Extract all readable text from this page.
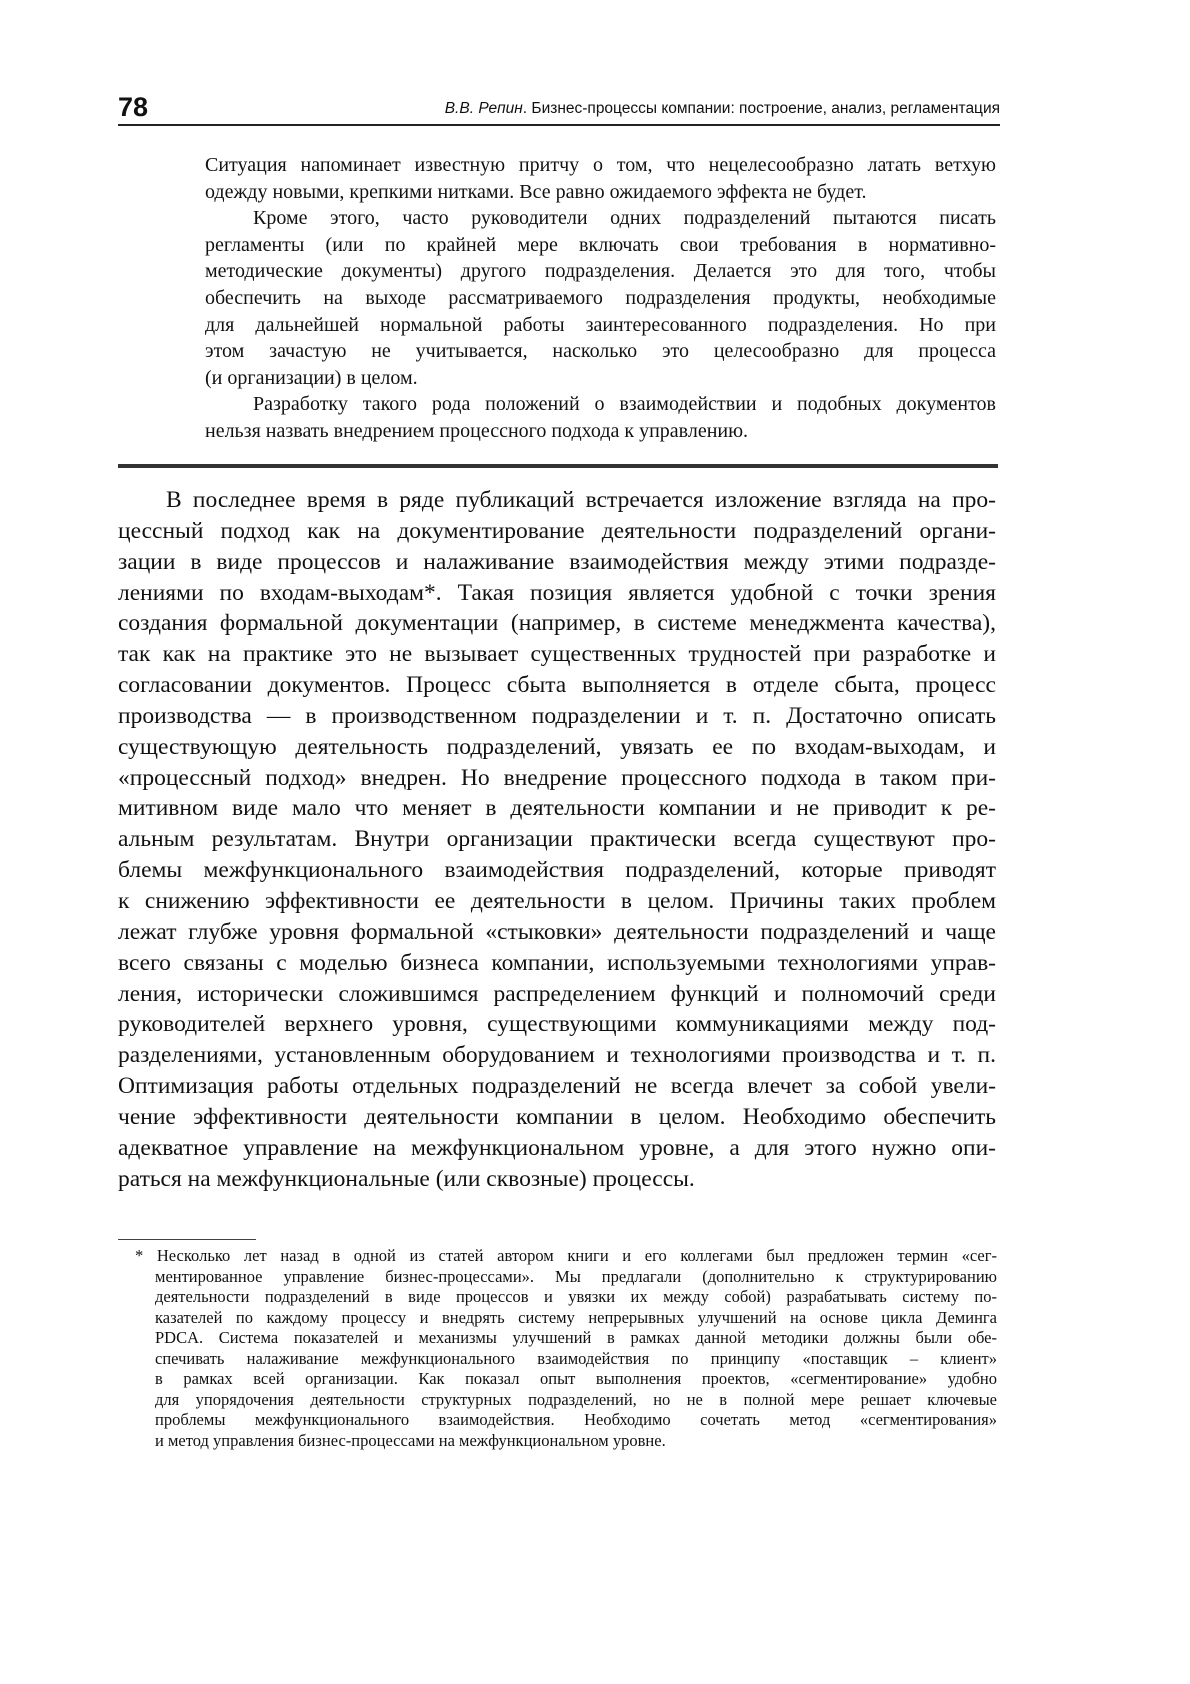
78	В.В. Репин. Бизнес-процессы компании: построение, анализ, регламентация
Ситуация напоминает известную притчу о том, что нецелесообразно латать ветхую
одежду новыми, крепкими нитками. Все равно ожидаемого эффекта не будет.
Кроме этого, часто руководители одних подразделений пытаются писать
регламенты (или по крайней мере включать свои требования в нормативно-
методические документы) другого подразделения. Делается это для того, чтобы
обеспечить на выходе рассматриваемого подразделения продукты, необходимые
для дальнейшей нормальной работы заинтересованного подразделения. Но при
этом зачастую не учитывается, насколько это целесообразно для процесса
(и организации) в целом.
Разработку такого рода положений о взаимодействии и подобных документов
нельзя назвать внедрением процессного подхода к управлению.
В последнее время в ряде публикаций встречается изложение взгляда на про-
цессный подход как на документирование деятельности подразделений органи-
зации в виде процессов и налаживание взаимодействия между этими подразде-
лениями по входам-выходам*. Такая позиция является удобной с точки зрения
создания формальной документации (например, в системе менеджмента качества),
так как на практике это не вызывает существенных трудностей при разработке и
согласовании документов. Процесс сбыта выполняется в отделе сбыта, процесс
производства — в производственном подразделении и т. п. Достаточно описать
существующую деятельность подразделений, увязать ее по входам-выходам, и
«процессный подход» внедрен. Но внедрение процессного подхода в таком при-
митивном виде мало что меняет в деятельности компании и не приводит к ре-
альным результатам. Внутри организации практически всегда существуют про-
блемы межфункционального взаимодействия подразделений, которые приводят
к снижению эффективности ее деятельности в целом. Причины таких проблем
лежат глубже уровня формальной «стыковки» деятельности подразделений и чаще
всего связаны с моделью бизнеса компании, используемыми технологиями управ-
ления, исторически сложившимся распределением функций и полномочий среди
руководителей верхнего уровня, существующими коммуникациями между под-
разделениями, установленным оборудованием и технологиями производства и т. п.
Оптимизация работы отдельных подразделений не всегда влечет за собой увели-
чение эффективности деятельности компании в целом. Необходимо обеспечить
адекватное управление на межфункциональном уровне, а для этого нужно опи-
раться на межфункциональные (или сквозные) процессы.
* Несколько лет назад в одной из статей автором книги и его коллегами был предложен термин «сег-
ментированное управление бизнес-процессами». Мы предлагали (дополнительно к структурированию
деятельности подразделений в виде процессов и увязки их между собой) разрабатывать систему по-
казателей по каждому процессу и внедрять систему непрерывных улучшений на основе цикла Деминга
PDCA. Система показателей и механизмы улучшений в рамках данной методики должны были обе-
спечивать налаживание межфункционального взаимодействия по принципу «поставщик – клиент»
в рамках всей организации. Как показал опыт выполнения проектов, «сегментирование» удобно
для упорядочения деятельности структурных подразделений, но не в полной мере решает ключевые
проблемы межфункционального взаимодействия. Необходимо сочетать метод «сегментирования»
и метод управления бизнес-процессами на межфункциональном уровне.
